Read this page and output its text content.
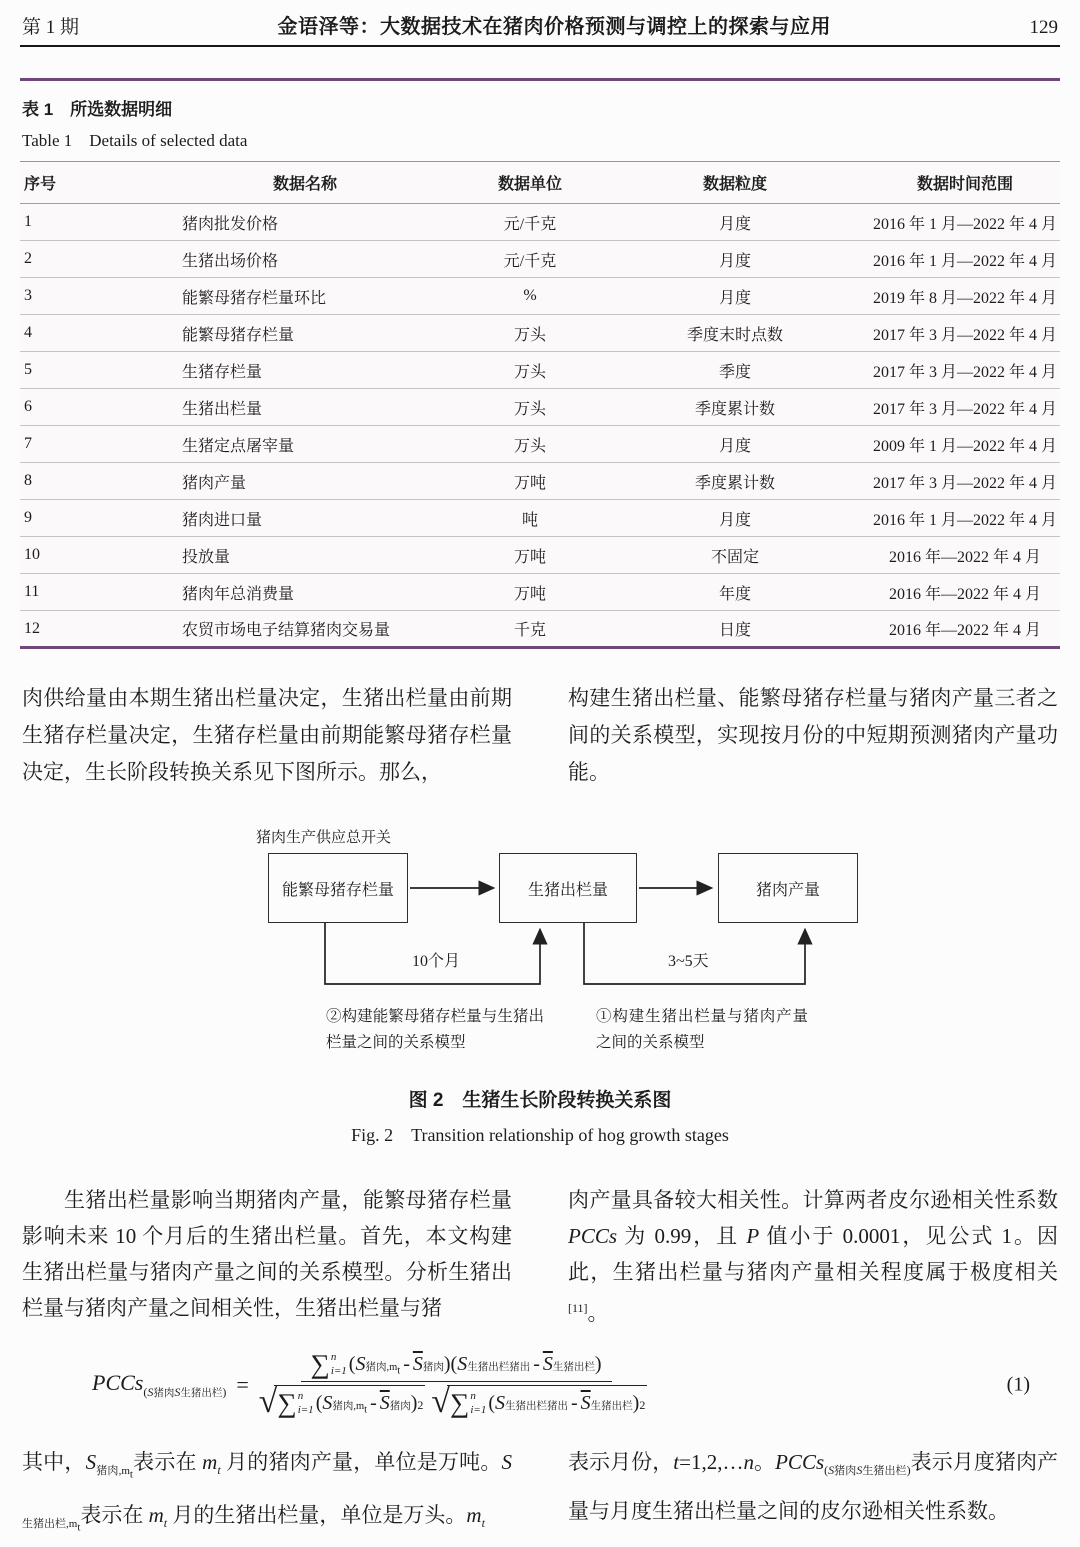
第 1 期	金语泽等：大数据技术在猪肉价格预测与调控上的探索与应用	129
表 1　所选数据明细
Table 1　Details of selected data
序号	数据名称	数据单位	数据粒度	数据时间范围
1	猪肉批发价格	元/千克	月度	2016 年 1 月—2022 年 4 月
2	生猪出场价格	元/千克	月度	2016 年 1 月—2022 年 4 月
3	能繁母猪存栏量环比	%	月度	2019 年 8 月—2022 年 4 月
4	能繁母猪存栏量	万头	季度末时点数	2017 年 3 月—2022 年 4 月
5	生猪存栏量	万头	季度	2017 年 3 月—2022 年 4 月
6	生猪出栏量	万头	季度累计数	2017 年 3 月—2022 年 4 月
7	生猪定点屠宰量	万头	月度	2009 年 1 月—2022 年 4 月
8	猪肉产量	万吨	季度累计数	2017 年 3 月—2022 年 4 月
9	猪肉进口量	吨	月度	2016 年 1 月—2022 年 4 月
10	投放量	万吨	不固定	2016 年—2022 年 4 月
11	猪肉年总消费量	万吨	年度	2016 年—2022 年 4 月
12	农贸市场电子结算猪肉交易量	千克	日度	2016 年—2022 年 4 月
肉供给量由本期生猪出栏量决定，生猪出栏量由前期生猪存栏量决定，生猪存栏量由前期能繁母猪存栏量决定，生长阶段转换关系见下图所示。那么，
构建生猪出栏量、能繁母猪存栏量与猪肉产量三者之间的关系模型，实现按月份的中短期预测猪肉产量功能。
猪肉生产供应总开关
能繁母猪存栏量	生猪出栏量	猪肉产量
10个月	3~5天
②构建能繁母猪存栏量与生猪出栏量之间的关系模型
①构建生猪出栏量与猪肉产量之间的关系模型
图 2　生猪生长阶段转换关系图
Fig. 2　Transition relationship of hog growth stages
生猪出栏量影响当期猪肉产量，能繁母猪存栏量影响未来 10 个月后的生猪出栏量。首先，本文构建生猪出栏量与猪肉产量之间的关系模型。分析生猪出栏量与猪肉产量之间相关性，生猪出栏量与猪
肉产量具备较大相关性。计算两者皮尔逊相关性系数 PCCs 为 0.99，且 P 值小于 0.0001，见公式 1。因此，生猪出栏量与猪肉产量相关程度属于极度相关[11]。
PCCs$_{(S猪肉S生猪出栏)}$ = ∑ n
i=1 ( S 猪肉$,m_t - \overline{S}$ 猪肉 ) ( S 生猪出栏猪出 - $\overline{S}$ 生猪出栏 )
√ ∑ n
i=1 ( S 猪肉$,m_t - \overline{S}$ 猪肉 ) 2 √ ∑ n
i=1 ( S 生猪出栏猪出 - $\overline{S}$ 生猪出栏 ) 2	(1)
其中，$S_{猪肉,m_t}$表示在 $m_t$ 月的猪肉产量，单位是万吨。$S_{生猪出栏,m_t}$表示在 $m_t$ 月的生猪出栏量，单位是万头。$m_t$
表示月份，t=1,2,…n。PCCs$_{(S猪肉S生猪出栏)}$表示月度猪肉产量与月度生猪出栏量之间的皮尔逊相关性系数。
